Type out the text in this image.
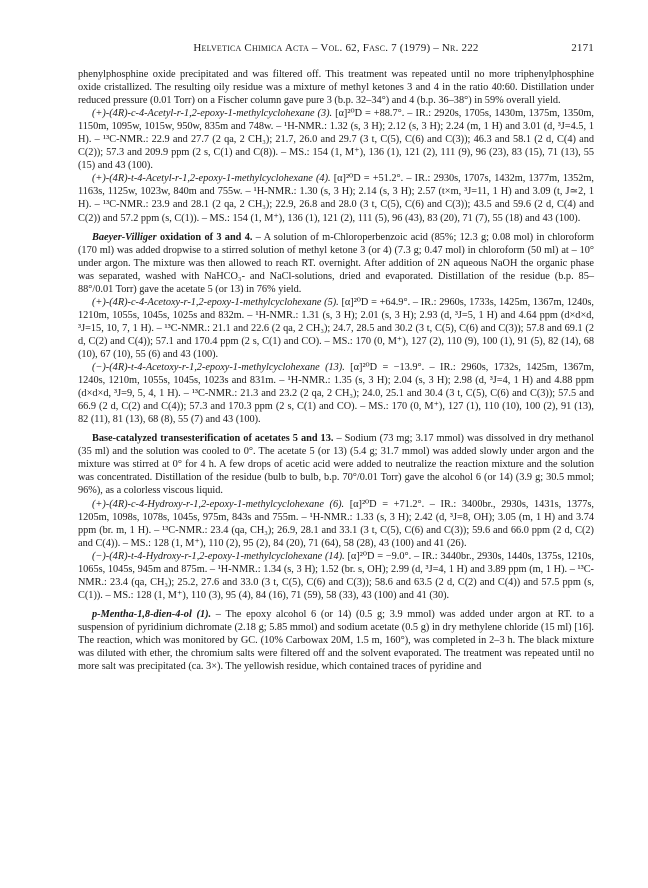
Helvetica Chimica Acta – Vol. 62, Fasc. 7 (1979) – Nr. 222	2171

phenylphosphine oxide precipitated and was filtered off. This treatment was repeated until no more triphenylphosphine oxide cristallized. The resulting oily residue was a mixture of methyl ketones 3 and 4 in the ratio 40:60. Distillation under reduced pressure (0.01 Torr) on a Fischer column gave pure 3 (b.p. 32–34°) and 4 (b.p. 36–38°) in 59% overall yield.

(+)-(4R)-c-4-Acetyl-r-1,2-epoxy-1-methylcyclohexane (3). [α]²⁰D = +88.7°. – IR.: 2920s, 1705s, 1430m, 1375m, 1350m, 1150m, 1095w, 1015w, 950w, 835m and 748w. – ¹H-NMR.: 1.32 (s, 3 H); 2.12 (s, 3 H); 2.24 (m, 1 H) and 3.01 (d, ³J=4.5, 1 H). – ¹³C-NMR.: 22.9 and 27.7 (2 qa, 2 CH₃); 21.7, 26.0 and 29.7 (3 t, C(5), C(6) and C(3)); 46.3 and 58.1 (2 d, C(4) and C(2)); 57.3 and 209.9 ppm (2 s, C(1) and C(8)). – MS.: 154 (1, M⁺), 136 (1), 121 (2), 111 (9), 96 (23), 83 (15), 71 (13), 55 (15) and 43 (100).

(+)-(4R)-t-4-Acetyl-r-1,2-epoxy-1-methylcyclohexane (4). [α]²⁰D = +51.2°. – IR.: 2930s, 1707s, 1432m, 1377m, 1352m, 1163s, 1125w, 1023w, 840m and 755w. – ¹H-NMR.: 1.30 (s, 3 H); 2.14 (s, 3 H); 2.57 (t×m, ³J=11, 1 H) and 3.09 (t, J≃2, 1 H). – ¹³C-NMR.: 23.9 and 28.1 (2 qa, 2 CH₃); 22.9, 26.8 and 28.0 (3 t, C(5), C(6) and C(3)); 43.5 and 59.6 (2 d, C(4) and C(2)) and 57.2 ppm (s, C(1)). – MS.: 154 (1, M⁺), 136 (1), 121 (2), 111 (5), 96 (43), 83 (20), 71 (7), 55 (18) and 43 (100).

Baeyer-Villiger oxidation of 3 and 4. – A solution of m-Chloroperbenzoic acid (85%; 12.3 g; 0.08 mol) in chloroform (170 ml) was added dropwise to a stirred solution of methyl ketone 3 (or 4) (7.3 g; 0.47 mol) in chloroform (50 ml) at – 10° under argon. The mixture was then allowed to reach RT. overnight. After addition of 2N aqueous NaOH the organic phase was separated, washed with NaHCO₃- and NaCl-solutions, dried and evaporated. Distillation of the residue (b.p. 85–88°/0.01 Torr) gave the acetate 5 (or 13) in 76% yield.

(+)-(4R)-c-4-Acetoxy-r-1,2-epoxy-1-methylcyclohexane (5). [α]²⁰D = +64.9°. – IR.: 2960s, 1733s, 1425m, 1367m, 1240s, 1210m, 1055s, 1045s, 1025s and 832m. – ¹H-NMR.: 1.31 (s, 3 H); 2.01 (s, 3 H); 2.93 (d, ³J=5, 1 H) and 4.64 ppm (d×d×d, ³J=15, 10, 7, 1 H). – ¹³C-NMR.: 21.1 and 22.6 (2 qa, 2 CH₃); 24.7, 28.5 and 30.2 (3 t, C(5), C(6) and C(3)); 57.8 and 69.1 (2 d, C(2) and C(4)); 57.1 and 170.4 ppm (2 s, C(1) and CO). – MS.: 170 (0, M⁺), 127 (2), 110 (9), 100 (1), 91 (5), 82 (14), 68 (10), 67 (10), 55 (6) and 43 (100).

(−)-(4R)-t-4-Acetoxy-r-1,2-epoxy-1-methylcyclohexane (13). [α]²⁰D = −13.9°. – IR.: 2960s, 1732s, 1425m, 1367m, 1240s, 1210m, 1055s, 1045s, 1023s and 831m. – ¹H-NMR.: 1.35 (s, 3 H); 2.04 (s, 3 H); 2.98 (d, ³J=4, 1 H) and 4.88 ppm (d×d×d, ³J=9, 5, 4, 1 H). – ¹³C-NMR.: 21.3 and 23.2 (2 qa, 2 CH₃); 24.0, 25.1 and 30.4 (3 t, C(5), C(6) and C(3)); 57.5 and 66.9 (2 d, C(2) and C(4)); 57.3 and 170.3 ppm (2 s, C(1) and CO). – MS.: 170 (0, M⁺), 127 (1), 110 (10), 100 (2), 91 (13), 82 (11), 81 (13), 68 (8), 55 (7) and 43 (100).

Base-catalyzed transesterification of acetates 5 and 13. – Sodium (73 mg; 3.17 mmol) was dissolved in dry methanol (35 ml) and the solution was cooled to 0°. The acetate 5 (or 13) (5.4 g; 31.7 mmol) was added slowly under argon and the mixture was stirred at 0° for 4 h. A few drops of acetic acid were added to neutralize the reaction mixture and the solution was concentrated. Distillation of the residue (bulb to bulb, b.p. 70°/0.01 Torr) gave the alcohol 6 (or 14) (3.9 g; 30.5 mmol; 96%), as a colorless viscous liquid.

(+)-(4R)-c-4-Hydroxy-r-1,2-epoxy-1-methylcyclohexane (6). [α]²⁰D = +71.2°. – IR.: 3400br., 2930s, 1431s, 1377s, 1205m, 1098s, 1078s, 1045s, 975m, 843s and 755m. – ¹H-NMR.: 1.33 (s, 3 H); 2.42 (d, ³J=8, OH); 3.05 (m, 1 H) and 3.74 ppm (br. m, 1 H). – ¹³C-NMR.: 23.4 (qa, CH₃); 26.9, 28.1 and 33.1 (3 t, C(5), C(6) and C(3)); 59.6 and 66.0 ppm (2 d, C(2) and C(4)). – MS.: 128 (1, M⁺), 110 (2), 95 (2), 84 (20), 71 (64), 58 (28), 43 (100) and 41 (26).

(−)-(4R)-t-4-Hydroxy-r-1,2-epoxy-1-methylcyclohexane (14). [α]²⁰D = −9.0°. – IR.: 3440br., 2930s, 1440s, 1375s, 1210s, 1065s, 1045s, 945m and 875m. – ¹H-NMR.: 1.34 (s, 3 H); 1.52 (br. s, OH); 2.99 (d, ³J=4, 1 H) and 3.89 ppm (m, 1 H). – ¹³C-NMR.: 23.4 (qa, CH₃); 25.2, 27.6 and 33.0 (3 t, C(5), C(6) and C(3)); 58.6 and 63.5 (2 d, C(2) and C(4)) and 57.5 ppm (s, C(1)). – MS.: 128 (1, M⁺), 110 (3), 95 (4), 84 (16), 71 (59), 58 (33), 43 (100) and 41 (30).

p-Mentha-1,8-dien-4-ol (1). – The epoxy alcohol 6 (or 14) (0.5 g; 3.9 mmol) was added under argon at RT. to a suspension of pyridinium dichromate (2.18 g; 5.85 mmol) and sodium acetate (0.5 g) in dry methylene chloride (15 ml) [16]. The reaction, which was monitored by GC. (10% Carbowax 20M, 1.5 m, 160°), was completed in 2–3 h. The black mixture was diluted with ether, the chromium salts were filtered off and the solvent evaporated. The treatment was repeated until no more salt was precipitated (ca. 3×). The yellowish residue, which contained traces of pyridine and
